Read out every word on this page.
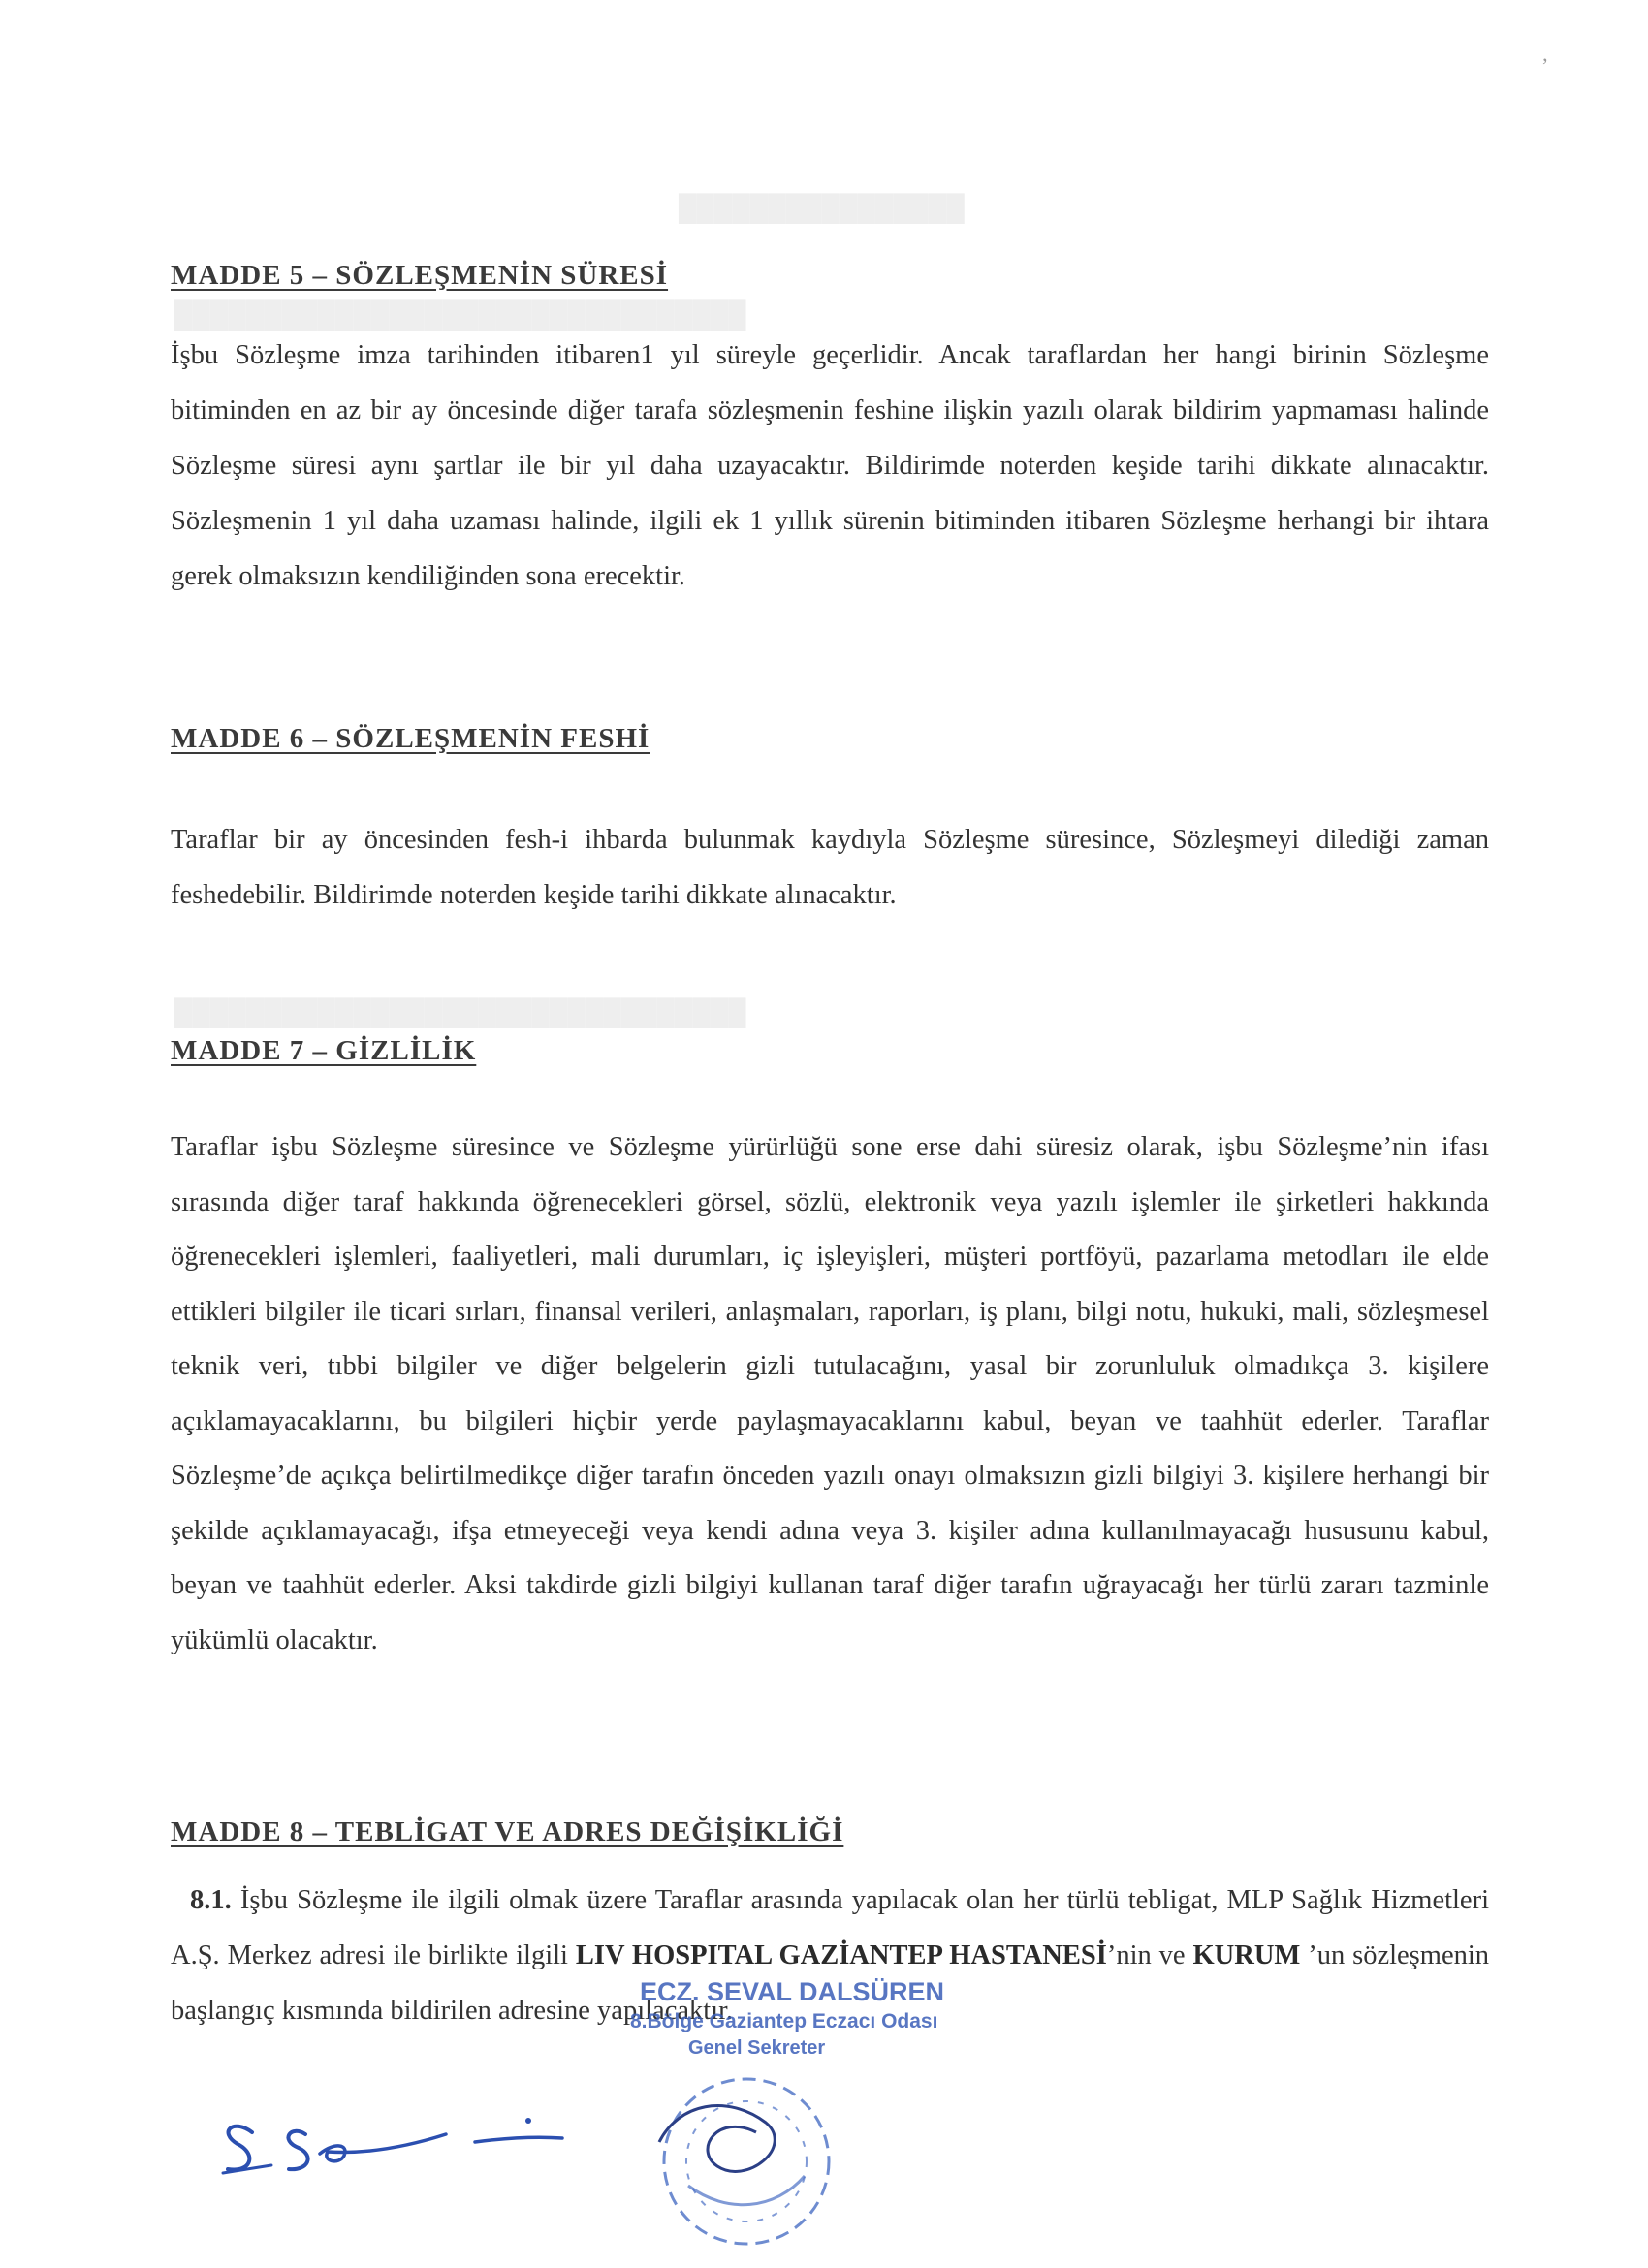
████████████████
████████████████████████████████
████████████████████████████████
’
MADDE 5 – SÖZLEŞMENİN SÜRESİ
İşbu Sözleşme imza tarihinden itibaren1 yıl süreyle geçerlidir. Ancak taraflardan her hangi birinin Sözleşme bitiminden en az bir ay öncesinde diğer tarafa sözleşmenin feshine ilişkin yazılı olarak bildirim yapmaması halinde Sözleşme süresi aynı şartlar ile bir yıl daha uzayacaktır. Bildirimde noterden keşide tarihi dikkate alınacaktır. Sözleşmenin 1 yıl daha uzaması halinde, ilgili ek 1 yıllık sürenin bitiminden itibaren Sözleşme herhangi bir ihtara gerek olmaksızın kendiliğinden sona erecektir.
MADDE 6 – SÖZLEŞMENİN FESHİ
Taraflar bir ay öncesinden fesh-i ihbarda bulunmak kaydıyla Sözleşme süresince, Sözleşmeyi dilediği zaman feshedebilir. Bildirimde noterden keşide tarihi dikkate alınacaktır.
MADDE 7 – GİZLİLİK
Taraflar işbu Sözleşme süresince ve Sözleşme yürürlüğü sone erse dahi süresiz olarak, işbu Sözleşme’nin ifası sırasında diğer taraf hakkında öğrenecekleri görsel, sözlü, elektronik veya yazılı işlemler ile şirketleri hakkında öğrenecekleri işlemleri, faaliyetleri, mali durumları, iç işleyişleri, müşteri portföyü, pazarlama metodları ile elde ettikleri bilgiler ile ticari sırları, finansal verileri, anlaşmaları, raporları, iş planı, bilgi notu, hukuki, mali, sözleşmesel teknik veri, tıbbi bilgiler ve diğer belgelerin gizli tutulacağını, yasal bir zorunluluk olmadıkça 3. kişilere açıklamayacaklarını, bu bilgileri hiçbir yerde paylaşmayacaklarını kabul, beyan ve taahhüt ederler. Taraflar Sözleşme’de açıkça belirtilmedikçe diğer tarafın önceden yazılı onayı olmaksızın gizli bilgiyi 3. kişilere herhangi bir şekilde açıklamayacağı, ifşa etmeyeceği veya kendi adına veya 3. kişiler adına kullanılmayacağı hususunu kabul, beyan ve taahhüt ederler. Aksi takdirde gizli bilgiyi kullanan taraf diğer tarafın uğrayacağı her türlü zararı tazminle yükümlü olacaktır.
MADDE 8 – TEBLİGAT VE ADRES DEĞİŞİKLİĞİ
8.1. İşbu Sözleşme ile ilgili olmak üzere Taraflar arasında yapılacak olan her türlü tebligat, MLP Sağlık Hizmetleri A.Ş. Merkez adresi ile birlikte ilgili LIV HOSPITAL GAZİANTEP HASTANESİ’nin ve KURUM ’un sözleşmenin başlangıç kısmında bildirilen adresine yapılacaktır.
ECZ. SEVAL DALSÜREN
8.Bölge Gaziantep Eczacı Odası
Genel Sekreter
